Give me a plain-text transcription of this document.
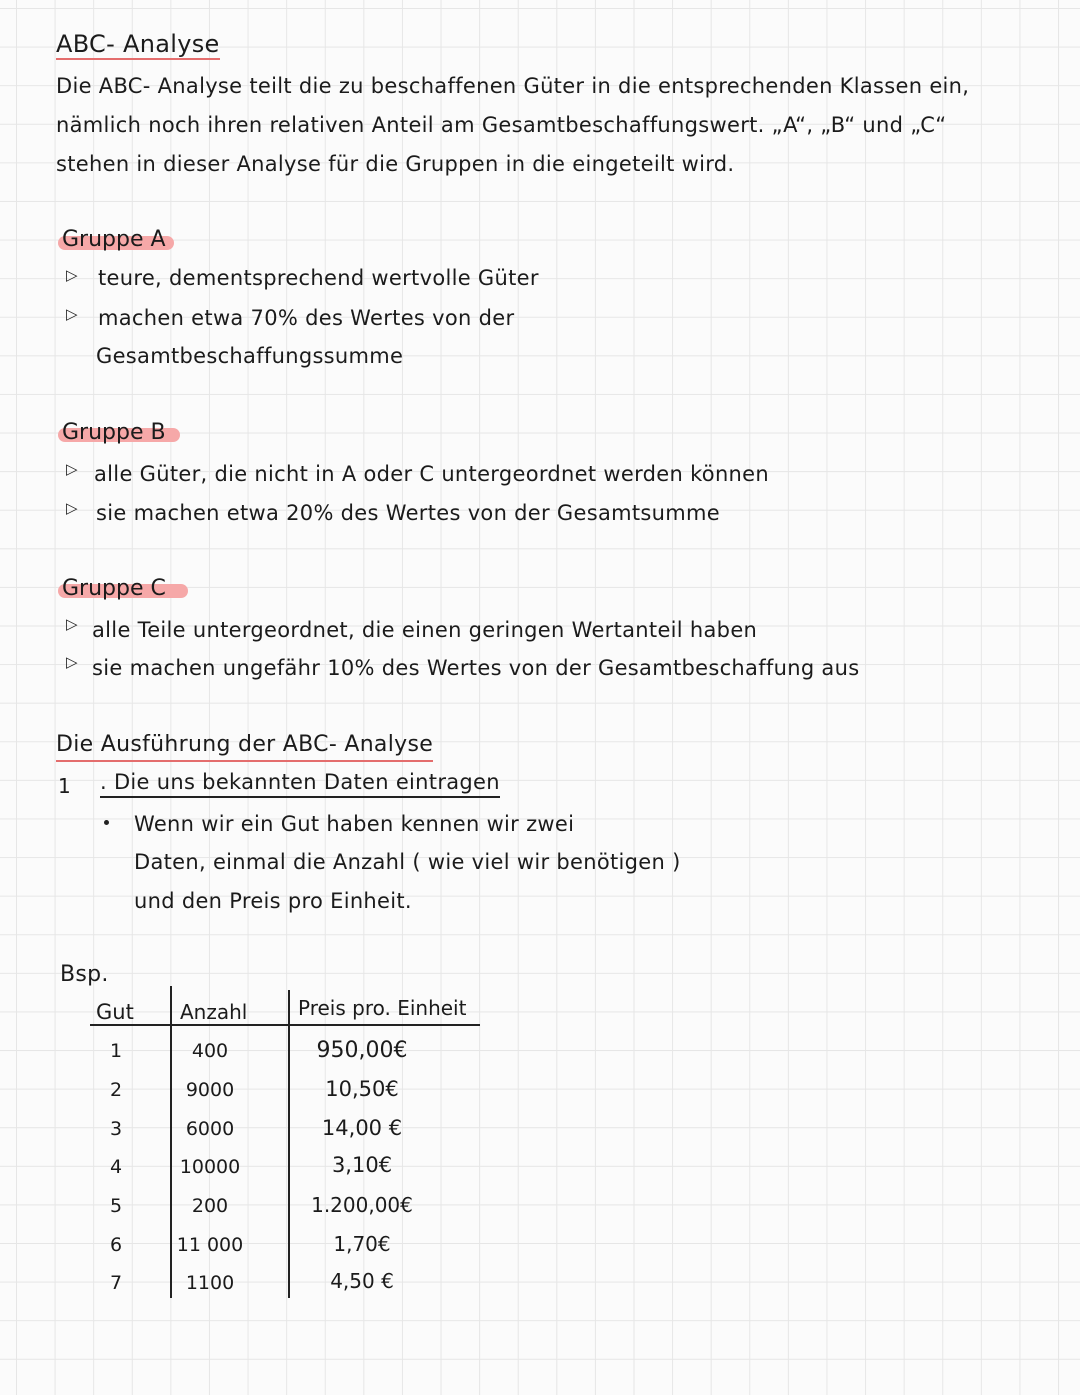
ABC- Analyse
Die ABC- Analyse teilt die zu beschaffenen Güter in die entsprechenden Klassen ein,
nämlich noch ihren relativen Anteil am Gesamtbeschaffungswert. „A“, „B“ und „C“
stehen in dieser Analyse für die Gruppen in die eingeteilt wird.
Gruppe A
▷ teure, dementsprechend wertvolle Güter
▷ machen etwa 70% des Wertes von der
Gesamtbeschaffungssumme
Gruppe B
▷ alle Güter, die nicht in A oder C untergeordnet werden können
▷ sie machen etwa 20% des Wertes von der Gesamtsumme
Gruppe C
▷ alle Teile untergeordnet, die einen geringen Wertanteil haben
▷ sie machen ungefähr 10% des Wertes von der Gesamtbeschaffung aus
Die Ausführung der ABC- Analyse
1 . Die uns bekannten Daten eintragen
Wenn wir ein Gut haben kennen wir zwei
Daten, einmal die Anzahl ( wie viel wir benötigen )
und den Preis pro Einheit.
Bsp.
Gut Anzahl	Preis pro. Einheit
1	400	950,00€
2	9000	10,50€
3	6000	14,00 €
4	10000	3,10€
5	200	1.200,00€
6	11 000	1,70€
7	1100	4,50 €
